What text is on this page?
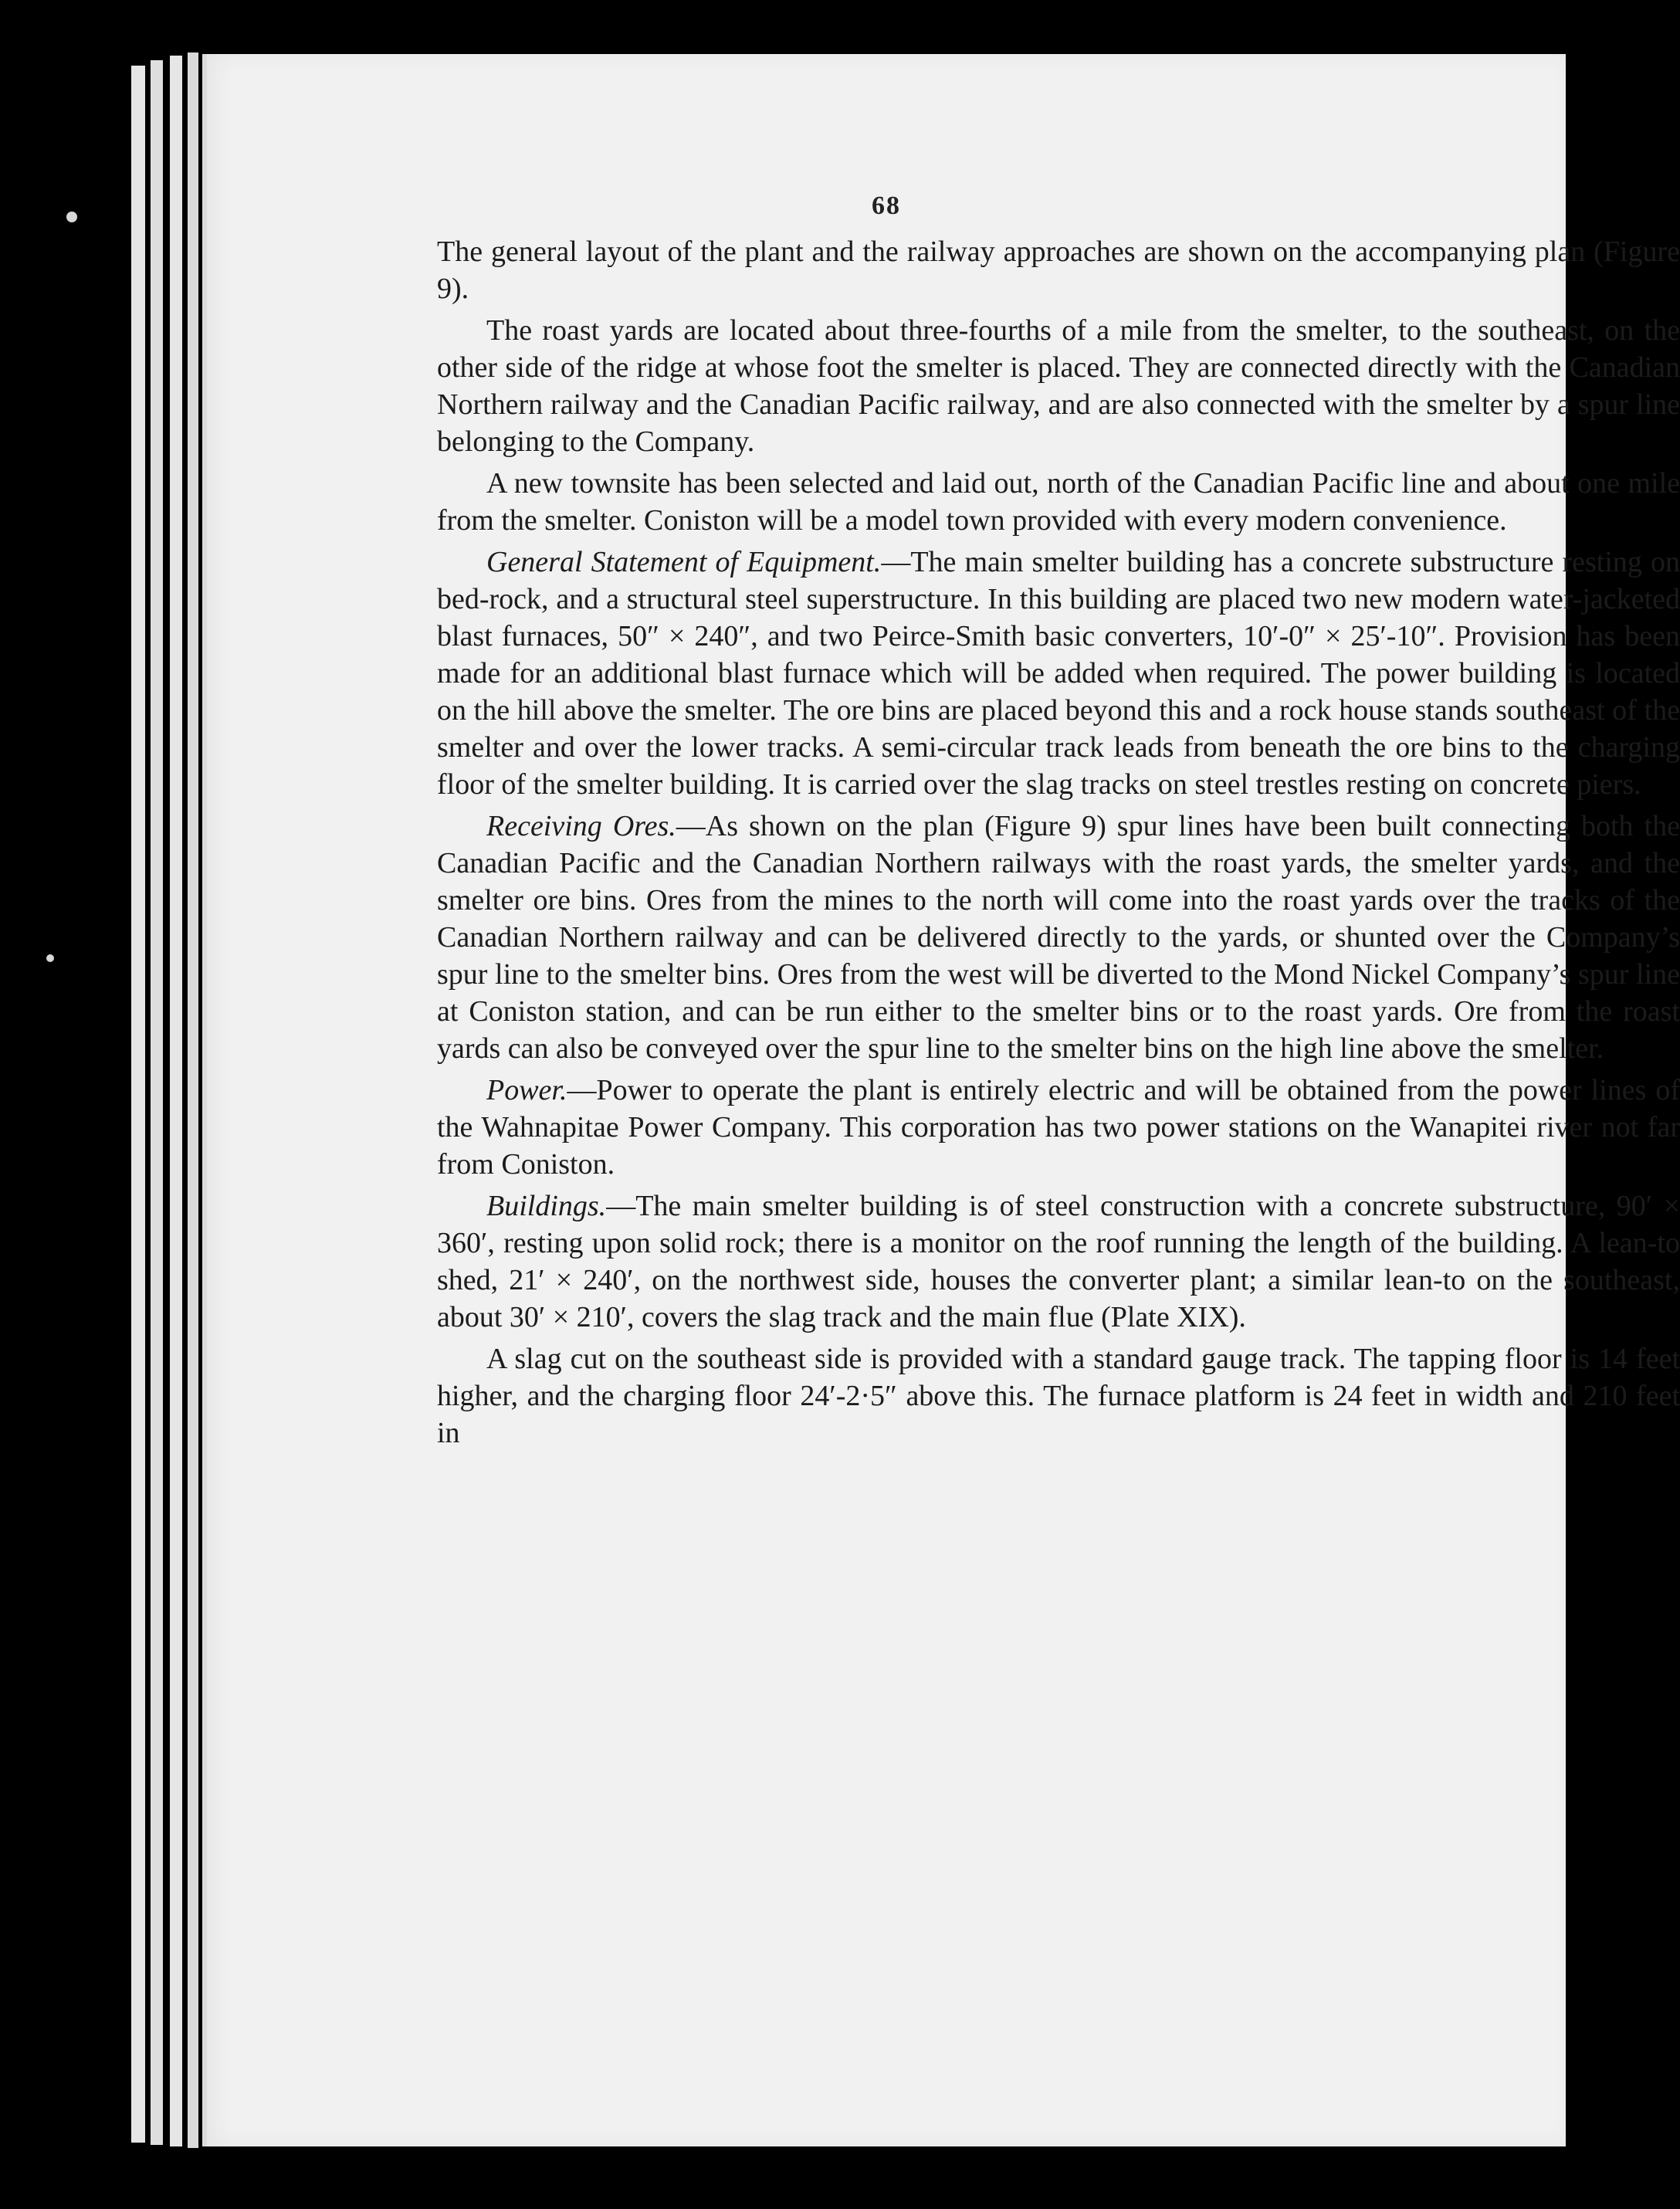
68

The general layout of the plant and the railway approaches are shown on the accompanying plan (Figure 9).

The roast yards are located about three-fourths of a mile from the smelter, to the southeast, on the other side of the ridge at whose foot the smelter is placed. They are connected directly with the Canadian Northern railway and the Canadian Pacific railway, and are also connected with the smelter by a spur line belonging to the Company.

A new townsite has been selected and laid out, north of the Canadian Pacific line and about one mile from the smelter. Coniston will be a model town provided with every modern convenience.

General Statement of Equipment.—The main smelter building has a concrete substructure resting on bed-rock, and a structural steel superstructure. In this building are placed two new modern water-jacketed blast furnaces, 50″ × 240″, and two Peirce-Smith basic converters, 10′-0″ × 25′-10″. Provision has been made for an additional blast furnace which will be added when required. The power building is located on the hill above the smelter. The ore bins are placed beyond this and a rock house stands southeast of the smelter and over the lower tracks. A semi-circular track leads from beneath the ore bins to the charging floor of the smelter building. It is carried over the slag tracks on steel trestles resting on concrete piers.

Receiving Ores.—As shown on the plan (Figure 9) spur lines have been built connecting both the Canadian Pacific and the Canadian Northern railways with the roast yards, the smelter yards, and the smelter ore bins. Ores from the mines to the north will come into the roast yards over the tracks of the Canadian Northern railway and can be delivered directly to the yards, or shunted over the Company’s spur line to the smelter bins. Ores from the west will be diverted to the Mond Nickel Company’s spur line at Coniston station, and can be run either to the smelter bins or to the roast yards. Ore from the roast yards can also be conveyed over the spur line to the smelter bins on the high line above the smelter.

Power.—Power to operate the plant is entirely electric and will be obtained from the power lines of the Wahnapitae Power Company. This corporation has two power stations on the Wanapitei river not far from Coniston.

Buildings.—The main smelter building is of steel construction with a concrete substructure, 90′ × 360′, resting upon solid rock; there is a monitor on the roof running the length of the building. A lean-to shed, 21′ × 240′, on the northwest side, houses the converter plant; a similar lean-to on the southeast, about 30′ × 210′, covers the slag track and the main flue (Plate XIX).

A slag cut on the southeast side is provided with a standard gauge track. The tapping floor is 14 feet higher, and the charging floor 24′-2·5″ above this. The furnace platform is 24 feet in width and 210 feet in
